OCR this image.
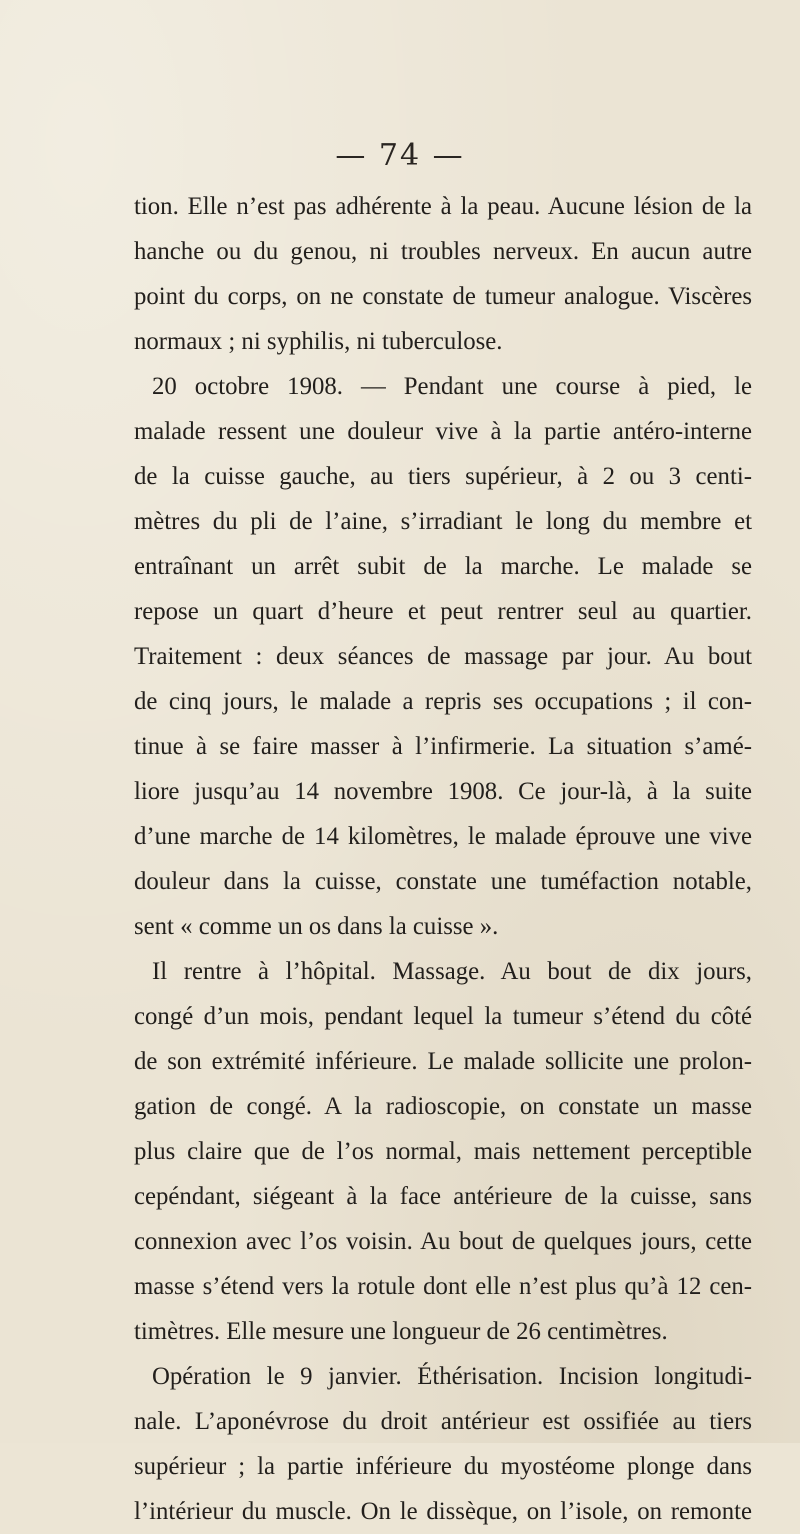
— 74 —
tion. Elle n’est pas adhérente à la peau. Aucune lésion de la
hanche ou du genou, ni troubles nerveux. En aucun autre
point du corps, on ne constate de tumeur analogue. Viscères
normaux ; ni syphilis, ni tuberculose.
20 octobre 1908. — Pendant une course à pied, le
malade ressent une douleur vive à la partie antéro-interne
de la cuisse gauche, au tiers supérieur, à 2 ou 3 centi-
mètres du pli de l’aine, s’irradiant le long du membre et
entraînant un arrêt subit de la marche. Le malade se
repose un quart d’heure et peut rentrer seul au quartier.
Traitement : deux séances de massage par jour. Au bout
de cinq jours, le malade a repris ses occupations ; il con-
tinue à se faire masser à l’infirmerie. La situation s’amé-
liore jusqu’au 14 novembre 1908. Ce jour-là, à la suite
d’une marche de 14 kilomètres, le malade éprouve une vive
douleur dans la cuisse, constate une tuméfaction notable,
sent « comme un os dans la cuisse ».
Il rentre à l’hôpital. Massage. Au bout de dix jours,
congé d’un mois, pendant lequel la tumeur s’étend du côté
de son extrémité inférieure. Le malade sollicite une prolon-
gation de congé. A la radioscopie, on constate un masse
plus claire que de l’os normal, mais nettement perceptible
cepéndant, siégeant à la face antérieure de la cuisse, sans
connexion avec l’os voisin. Au bout de quelques jours, cette
masse s’étend vers la rotule dont elle n’est plus qu’à 12 cen-
timètres. Elle mesure une longueur de 26 centimètres.
Opération le 9 janvier. Éthérisation. Incision longitudi-
nale. L’aponévrose du droit antérieur est ossifiée au tiers
supérieur ; la partie inférieure du myostéome plonge dans
l’intérieur du muscle. On le dissèque, on l’isole, on remonte
